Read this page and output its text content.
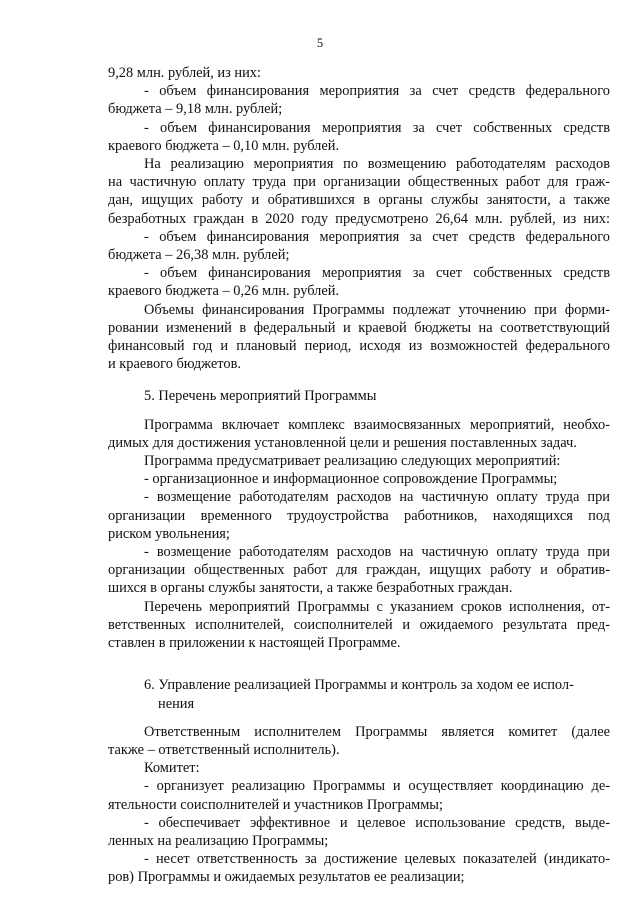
5

9,28 млн. рублей, из них:

- объем финансирования мероприятия за счет средств федерального

бюджета – 9,18 млн. рублей;

- объем финансирования мероприятия за счет собственных средств

краевого бюджета – 0,10 млн. рублей.

На реализацию мероприятия по возмещению работодателям расходов

на частичную оплату труда при организации общественных работ для граж-

дан, ищущих работу и обратившихся в органы службы занятости, а также

безработных граждан в 2020 году предусмотрено 26,64 млн. рублей, из них:

- объем финансирования мероприятия за счет средств федерального

бюджета – 26,38 млн. рублей;

- объем финансирования мероприятия за счет собственных средств

краевого бюджета – 0,26 млн. рублей.

Объемы финансирования Программы подлежат уточнению при форми-

ровании изменений в федеральный и краевой бюджеты на соответствующий

финансовый год и плановый период, исходя из возможностей федерального

и краевого бюджетов.

5. Перечень мероприятий Программы

Программа включает комплекс взаимосвязанных мероприятий, необхо-

димых для достижения установленной цели и решения поставленных задач.

Программа предусматривает реализацию следующих мероприятий:

- организационное и информационное сопровождение Программы;

- возмещение работодателям расходов на частичную оплату труда при

организации временного трудоустройства работников, находящихся под

риском увольнения;

- возмещение работодателям расходов на частичную оплату труда при

организации общественных работ для граждан, ищущих работу и обратив-

шихся в органы службы занятости, а также безработных граждан.

Перечень мероприятий Программы с указанием сроков исполнения, от-

ветственных исполнителей, соисполнителей и ожидаемого результата пред-

ставлен в приложении к настоящей Программе.

6. Управление реализацией Программы и контроль за ходом ее испол-
нения

Ответственным исполнителем Программы является комитет (далее

также – ответственный исполнитель).

Комитет:

- организует реализацию Программы и осуществляет координацию де-

ятельности соисполнителей и участников Программы;

- обеспечивает эффективное и целевое использование средств, выде-

ленных на реализацию Программы;

- несет ответственность за достижение целевых показателей (индикато-

ров) Программы и ожидаемых результатов ее реализации;
